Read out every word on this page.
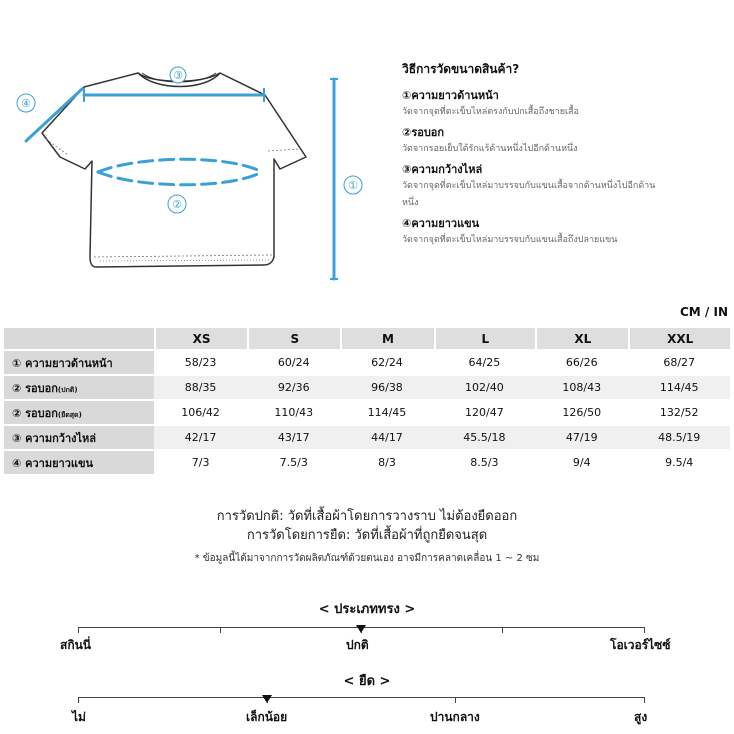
③
④
①
②
วิธีการวัดขนาดสินค้า?
①ความยาวด้านหน้า
วัดจากจุดที่ตะเข็บไหล่ตรงกับปกเสื้อถึงชายเสื้อ
②รอบอก
วัดจากรอยเย็บใต้รักแร้ด้านหนึ่งไปอีกด้านหนึ่ง
③ความกว้างไหล่
วัดจากจุดที่ตะเข็บไหล่มาบรรจบกับแขนเสื้อจากด้านหนึ่งไปอีกด้าน
หนึ่ง
④ความยาวแขน
วัดจากจุดที่ตะเข็บไหล่มาบรรจบกับแขนเสื้อถึงปลายแขน
CM / IN
	XS	S	M	L	XL	XXL
① ความยาวด้านหน้า	58/23	60/24	62/24	64/25	66/26	68/27
② รอบอก(ปกติ)	88/35	92/36	96/38	102/40	108/43	114/45
② รอบอก(ยืดสุด)	106/42	110/43	114/45	120/47	126/50	132/52
③ ความกว้างไหล่	42/17	43/17	44/17	45.5/18	47/19	48.5/19
④ ความยาวแขน	7/3	7.5/3	8/3	8.5/3	9/4	9.5/4
การวัดปกติ: วัดที่เสื้อผ้าโดยการวางราบ ไม่ต้องยืดออก
การวัดโดยการยืด: วัดที่เสื้อผ้าที่ถูกยืดจนสุด
* ข้อมูลนี้ได้มาจากการวัดผลิตภัณฑ์ด้วยตนเอง อาจมีการคลาดเคลื่อน 1 ~ 2 ซม
< ประเภททรง >
สกินนี่	ปกติ	โอเวอร์ไซซ์
< ยืด >
ไม่	เล็กน้อย	ปานกลาง	สูง
